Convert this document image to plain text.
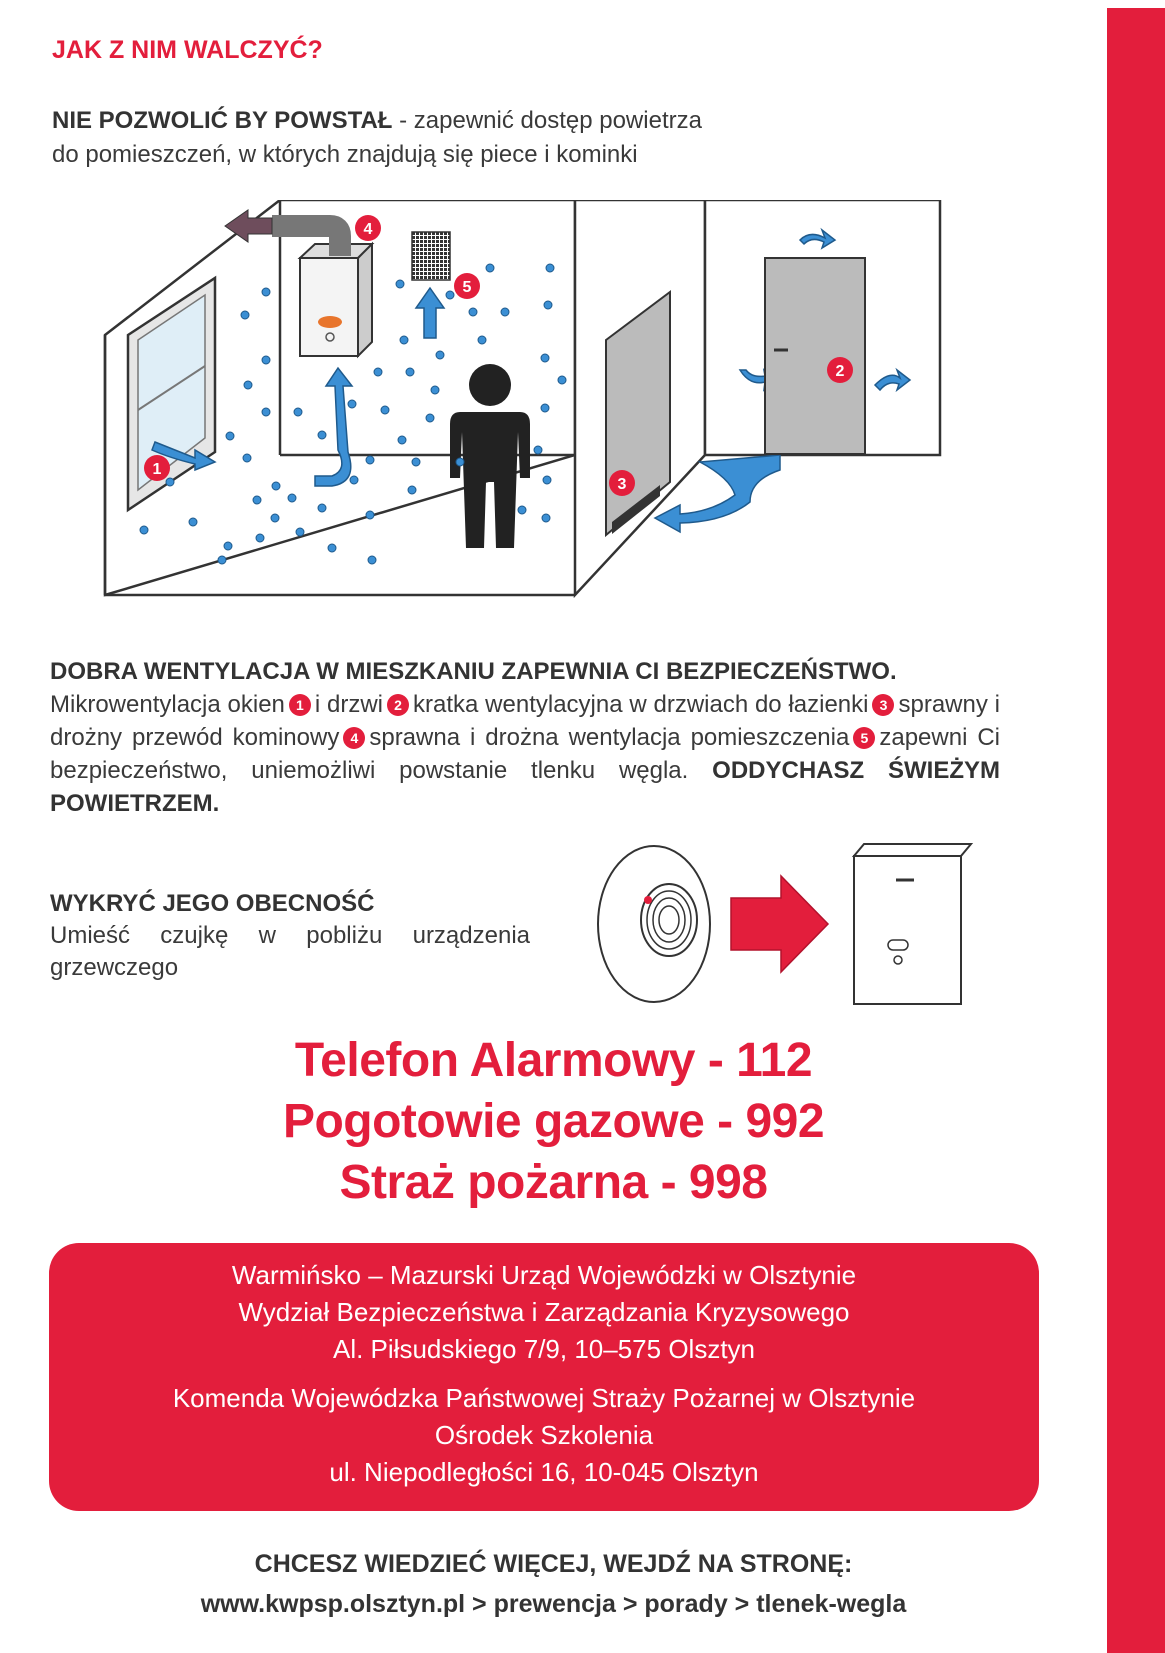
JAK Z NIM WALCZYĆ?
NIE POZWOLIĆ BY POWSTAŁ - zapewnić dostęp powietrza
do pomieszczeń, w których znajdują się piece i kominki
1
2
3
4
5
DOBRA WENTYLACJA W MIESZKANIU ZAPEWNIA CI BEZPIECZEŃSTWO.
Mikrowentylacja okien 1 i drzwi 2 kratka wentylacyjna w drzwiach do łazienki 3 sprawny i drożny przewód kominowy 4 sprawna i drożna wentylacja pomieszczenia 5 zapewni Ci bezpieczeństwo, uniemożliwi powstanie tlenku węgla. ODDYCHASZ ŚWIEŻYM POWIETRZEM.
WYKRYĆ JEGO OBECNOŚĆ
Umieść czujkę w pobliżu urządzenia grzewczego
Telefon Alarmowy - 112
Pogotowie gazowe - 992
Straż pożarna - 998
Warmińsko – Mazurski Urząd Wojewódzki w Olsztynie
Wydział Bezpieczeństwa i Zarządzania Kryzysowego
Al. Piłsudskiego 7/9, 10–575 Olsztyn
Komenda Wojewódzka Państwowej Straży Pożarnej w Olsztynie
Ośrodek Szkolenia
ul. Niepodległości 16, 10-045 Olsztyn
CHCESZ WIEDZIEĆ WIĘCEJ, WEJDŹ NA STRONĘ:
www.kwpsp.olsztyn.pl > prewencja > porady > tlenek-wegla
